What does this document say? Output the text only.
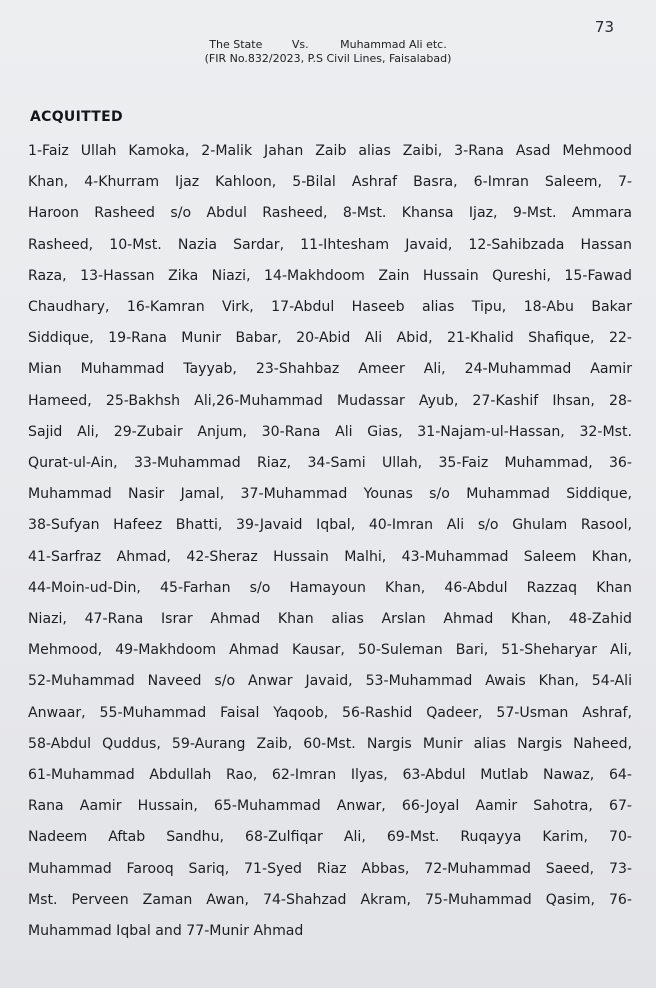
73
The State	Vs.	Muhammad Ali etc.
(FIR No.832/2023, P.S Civil Lines, Faisalabad)
ACQUITTED
1-Faiz Ullah Kamoka, 2-Malik Jahan Zaib alias Zaibi, 3-Rana Asad Mehmood
Khan, 4-Khurram Ijaz Kahloon, 5-Bilal Ashraf Basra, 6-Imran Saleem, 7-
Haroon Rasheed s/o Abdul Rasheed, 8-Mst. Khansa Ijaz, 9-Mst. Ammara
Rasheed, 10-Mst. Nazia Sardar, 11-Ihtesham Javaid, 12-Sahibzada Hassan
Raza, 13-Hassan Zika Niazi, 14-Makhdoom Zain Hussain Qureshi, 15-Fawad
Chaudhary, 16-Kamran Virk, 17-Abdul Haseeb alias Tipu, 18-Abu Bakar
Siddique, 19-Rana Munir Babar, 20-Abid Ali Abid, 21-Khalid Shafique, 22-
Mian Muhammad Tayyab, 23-Shahbaz Ameer Ali, 24-Muhammad Aamir
Hameed, 25-Bakhsh Ali,26-Muhammad Mudassar Ayub, 27-Kashif Ihsan, 28-
Sajid Ali, 29-Zubair Anjum, 30-Rana Ali Gias, 31-Najam-ul-Hassan, 32-Mst.
Qurat-ul-Ain, 33-Muhammad Riaz, 34-Sami Ullah, 35-Faiz Muhammad, 36-
Muhammad Nasir Jamal, 37-Muhammad Younas s/o Muhammad Siddique,
38-Sufyan Hafeez Bhatti, 39-Javaid Iqbal, 40-Imran Ali s/o Ghulam Rasool,
41-Sarfraz Ahmad, 42-Sheraz Hussain Malhi, 43-Muhammad Saleem Khan,
44-Moin-ud-Din, 45-Farhan s/o Hamayoun Khan, 46-Abdul Razzaq Khan
Niazi, 47-Rana Israr Ahmad Khan alias Arslan Ahmad Khan, 48-Zahid
Mehmood, 49-Makhdoom Ahmad Kausar, 50-Suleman Bari, 51-Sheharyar Ali,
52-Muhammad Naveed s/o Anwar Javaid, 53-Muhammad Awais Khan, 54-Ali
Anwaar, 55-Muhammad Faisal Yaqoob, 56-Rashid Qadeer, 57-Usman Ashraf,
58-Abdul Quddus, 59-Aurang Zaib, 60-Mst. Nargis Munir alias Nargis Naheed,
61-Muhammad Abdullah Rao, 62-Imran Ilyas, 63-Abdul Mutlab Nawaz, 64-
Rana Aamir Hussain, 65-Muhammad Anwar, 66-Joyal Aamir Sahotra, 67-
Nadeem Aftab Sandhu, 68-Zulfiqar Ali, 69-Mst. Ruqayya Karim, 70-
Muhammad Farooq Sariq, 71-Syed Riaz Abbas, 72-Muhammad Saeed, 73-
Mst. Perveen Zaman Awan, 74-Shahzad Akram, 75-Muhammad Qasim, 76-
Muhammad Iqbal and 77-Munir Ahmad
